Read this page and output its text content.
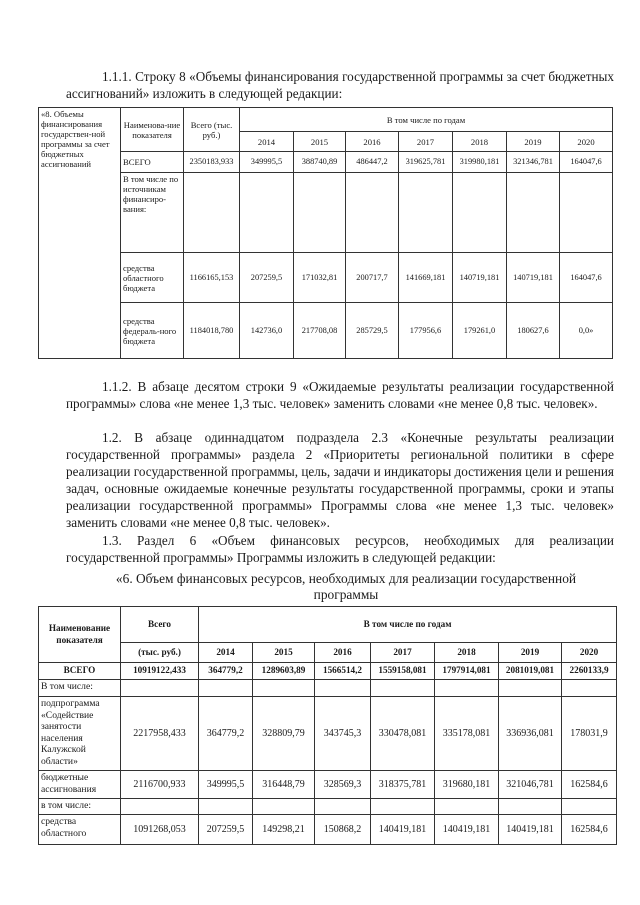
1.1.1. Строку 8 «Объемы финансирования государственной программы за счет бюджетных ассигнований» изложить в следующей редакции:
«8. Объемы финансирования государствен-ной программы за счет бюджетных ассигнований	Наименова-ние показателя	Всего (тыс. руб.)	В том числе по годам						
			2014	2015	2016	2017	2018	2019	2020
	ВСЕГО	2350183,933	349995,5	388740,89	486447,2	319625,781	319980,181	321346,781	164047,6
	В том числе по источникам финансиро-вания:								
	средства областного бюджета	1166165,153	207259,5	171032,81	200717,7	141669,181	140719,181	140719,181	164047,6
	средства федераль-ного бюджета	1184018,780	142736,0	217708,08	285729,5	177956,6	179261,0	180627,6	0,0»
1.1.2. В абзаце десятом строки 9 «Ожидаемые результаты реализации государственной программы» слова «не менее 1,3 тыс. человек» заменить словами «не менее 0,8 тыс. человек».
1.2. В абзаце одиннадцатом подраздела 2.3 «Конечные результаты реализации государственной программы» раздела 2 «Приоритеты региональной политики в сфере реализации государственной программы, цель, задачи и индикаторы достижения цели и решения задач, основные ожидаемые конечные результаты государственной программы, сроки и этапы реализации государственной программы» Программы слова «не менее 1,3 тыс. человек» заменить словами «не менее 0,8 тыс. человек».
1.3. Раздел 6 «Объем финансовых ресурсов, необходимых для реализации государственной программы» Программы изложить в следующей редакции:
«6. Объем финансовых ресурсов, необходимых для реализации государственной программы
Наименование показателя	Всего	В том числе по годам						
	(тыс. руб.)	2014	2015	2016	2017	2018	2019	2020
ВСЕГО	10919122,433	364779,2	1289603,89	1566514,2	1559158,081	1797914,081	2081019,081	2260133,9
В том числе:								
подпрограмма «Содействие занятости населения Калужской области»	2217958,433	364779,2	328809,79	343745,3	330478,081	335178,081	336936,081	178031,9
бюджетные ассигнования	2116700,933	349995,5	316448,79	328569,3	318375,781	319680,181	321046,781	162584,6
в том числе:								
средства областного	1091268,053	207259,5	149298,21	150868,2	140419,181	140419,181	140419,181	162584,6
